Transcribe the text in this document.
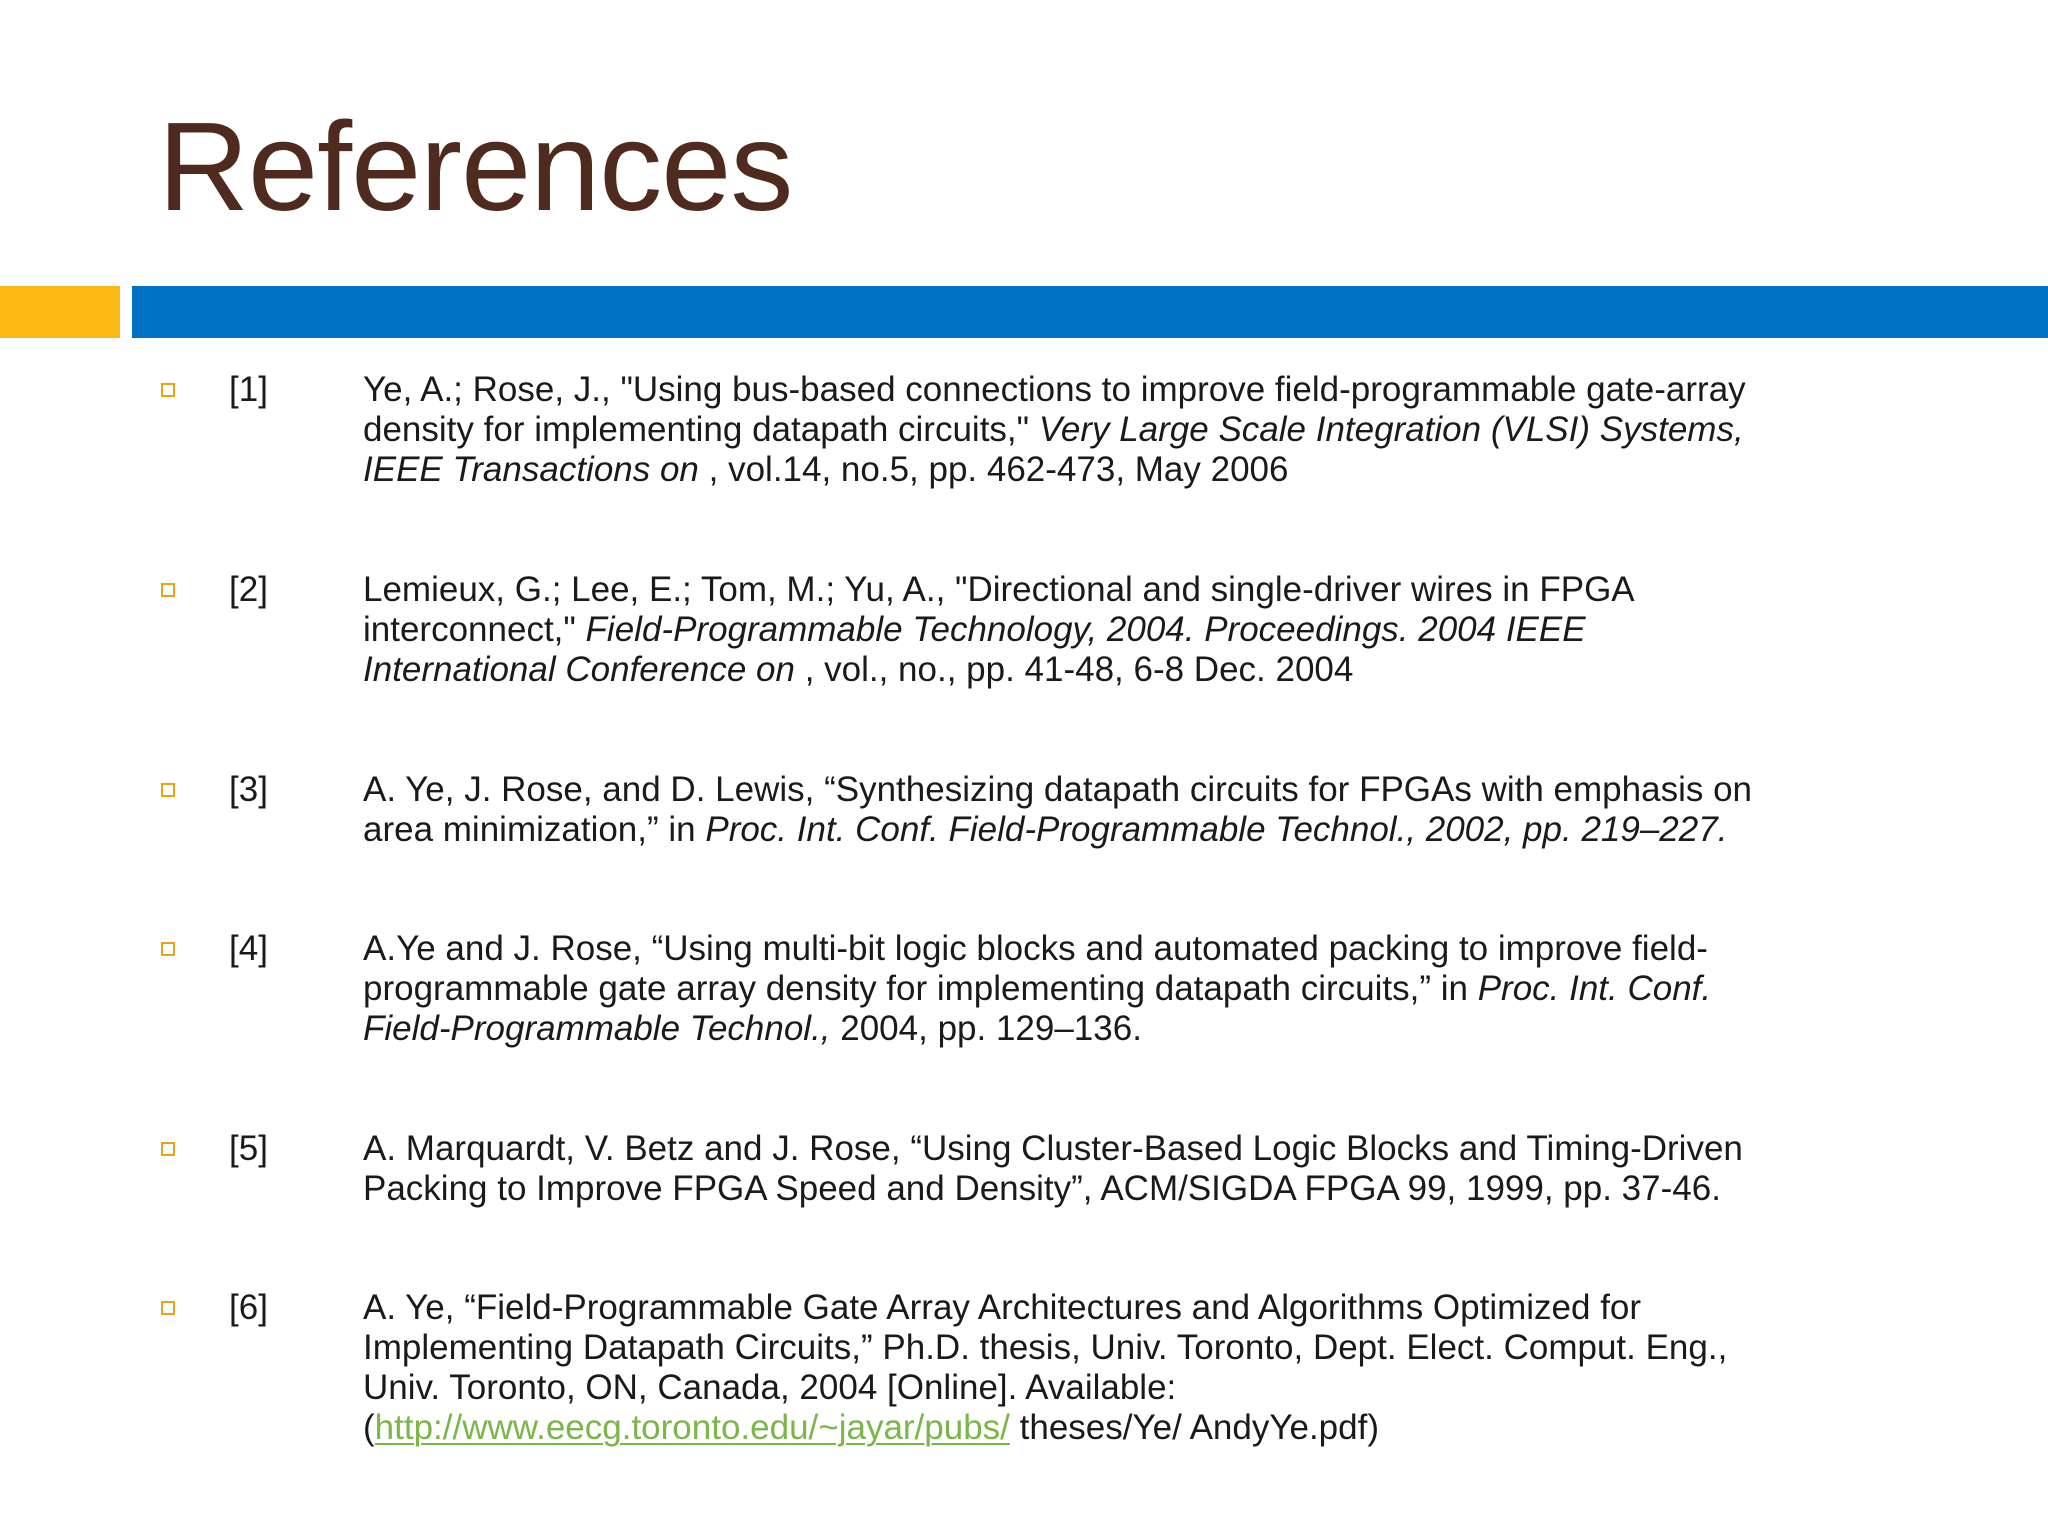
References
[1]	Ye, A.; Rose, J., "Using bus-based connections to improve field-programmable gate-array
density for implementing datapath circuits," Very Large Scale Integration (VLSI) Systems,
IEEE Transactions on , vol.14, no.5, pp. 462-473, May 2006
[2]	Lemieux, G.; Lee, E.; Tom, M.; Yu, A., "Directional and single-driver wires in FPGA
interconnect," Field-Programmable Technology, 2004. Proceedings. 2004 IEEE
International Conference on , vol., no., pp. 41-48, 6-8 Dec. 2004
[3]	A. Ye, J. Rose, and D. Lewis, “Synthesizing datapath circuits for FPGAs with emphasis on
area minimization,” in Proc. Int. Conf. Field-Programmable Technol., 2002, pp. 219–227.
[4]	A.Ye and J. Rose, “Using multi-bit logic blocks and automated packing to improve field-
programmable gate array density for implementing datapath circuits,” in Proc. Int. Conf.
Field-Programmable Technol., 2004, pp. 129–136.
[5]	A. Marquardt, V. Betz and J. Rose, “Using Cluster-Based Logic Blocks and Timing-Driven
Packing to Improve FPGA Speed and Density”, ACM/SIGDA FPGA 99, 1999, pp. 37-46.
[6]	A. Ye, “Field-Programmable Gate Array Architectures and Algorithms Optimized for
Implementing Datapath Circuits,” Ph.D. thesis, Univ. Toronto, Dept. Elect. Comput. Eng.,
Univ. Toronto, ON, Canada, 2004 [Online]. Available:
(http://www.eecg.toronto.edu/~jayar/pubs/ theses/Ye/ AndyYe.pdf)
